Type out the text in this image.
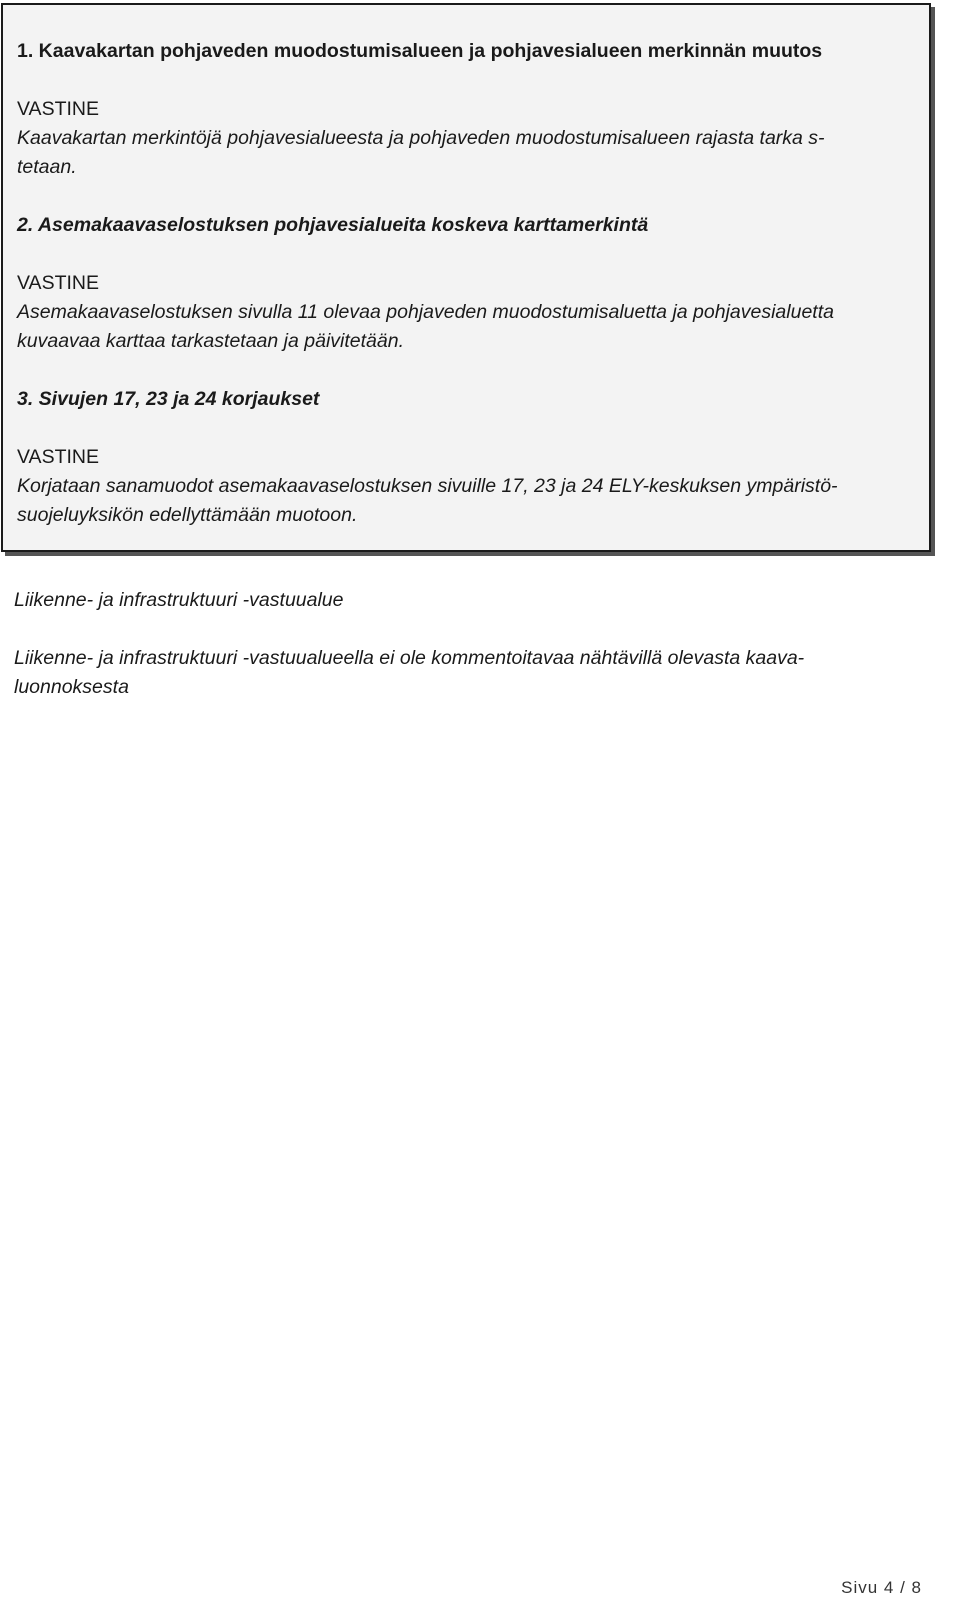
1. Kaavakartan pohjaveden muodostumisalueen ja pohjavesialueen merkinnän muutos

VASTINE

Kaavakartan merkintöjä pohjavesialueesta ja pohjaveden muodostumisalueen rajasta tarka s-

tetaan.

2. Asemakaavaselostuksen pohjavesialueita koskeva karttamerkintä

VASTINE

Asemakaavaselostuksen sivulla 11 olevaa pohjaveden muodostumisaluetta ja pohjavesialuetta

kuvaavaa karttaa tarkastetaan ja päivitetään.

3. Sivujen 17, 23 ja 24 korjaukset

VASTINE

Korjataan sanamuodot asemakaavaselostuksen sivuille 17, 23 ja 24 ELY-keskuksen ympäristö-

suojeluyksikön edellyttämään muotoon.

Liikenne- ja infrastruktuuri -vastuualue

Liikenne- ja infrastruktuuri -vastuualueella ei ole kommentoitavaa nähtävillä olevasta kaava-

luonnoksesta

Sivu 4 / 8
